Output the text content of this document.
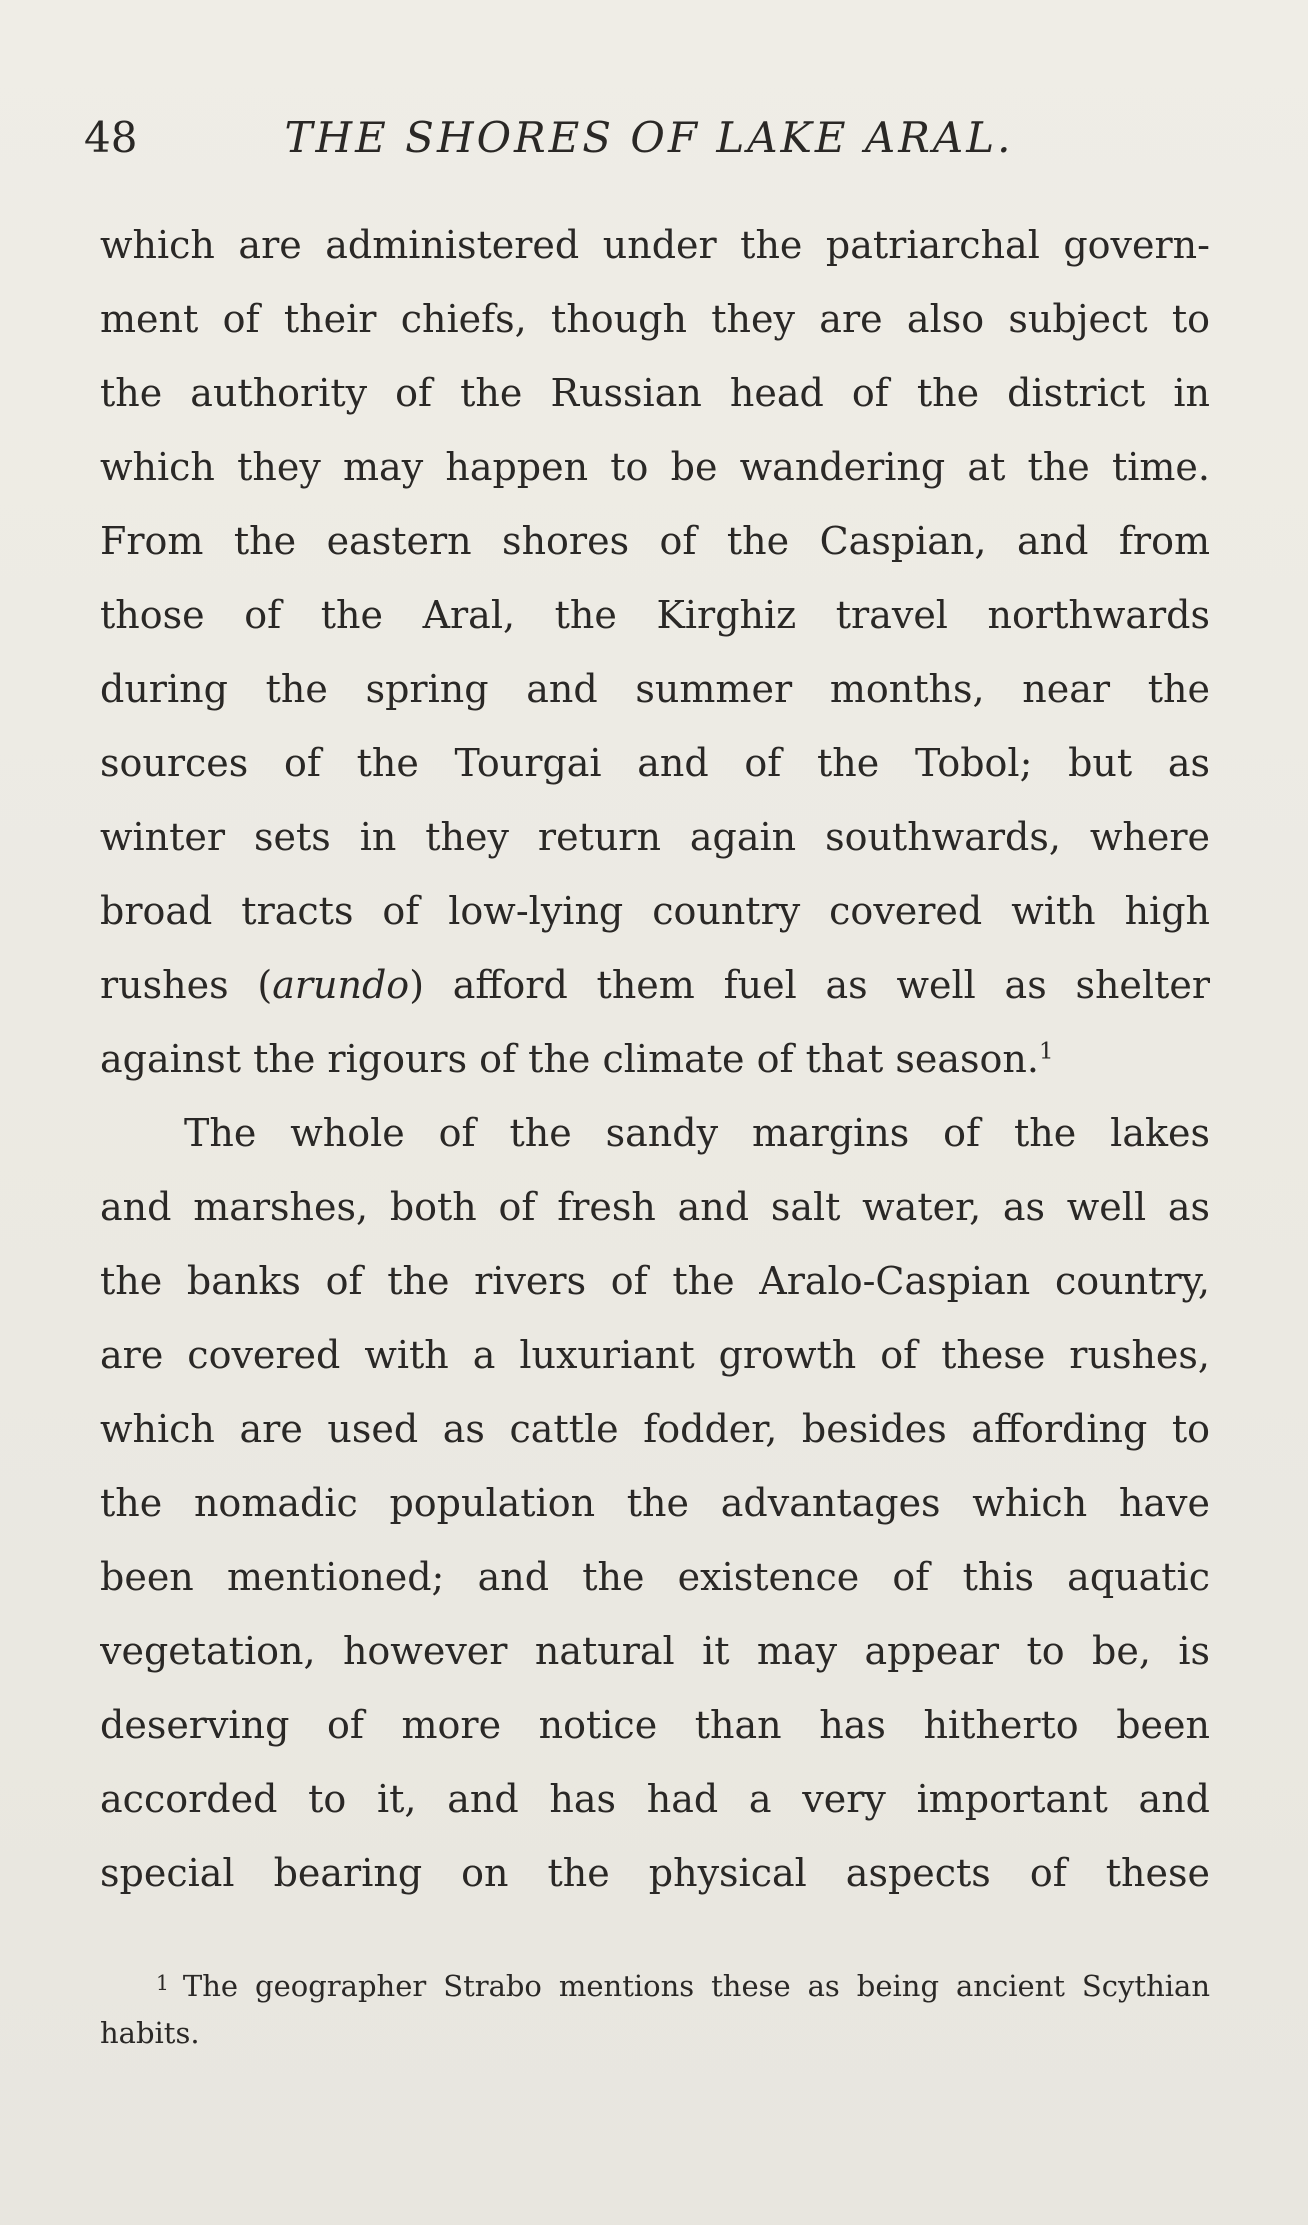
48	THE SHORES OF LAKE ARAL.
which are administered under the patriarchal govern-
ment of their chiefs, though they are also subject to
the authority of the Russian head of the district in
which they may happen to be wandering at the time.
From the eastern shores of the Caspian, and from
those of the Aral, the Kirghiz travel northwards
during the spring and summer months, near the
sources of the Tourgai and of the Tobol; but as
winter sets in they return again southwards, where
broad tracts of low-lying country covered with high
rushes (arundo) afford them fuel as well as shelter
against the rigours of the climate of that season.$^1$
The whole of the sandy margins of the lakes
and marshes, both of fresh and salt water, as well as
the banks of the rivers of the Aralo-Caspian country,
are covered with a luxuriant growth of these rushes,
which are used as cattle fodder, besides affording to
the nomadic population the advantages which have
been mentioned; and the existence of this aquatic
vegetation, however natural it may appear to be, is
deserving of more notice than has hitherto been
accorded to it, and has had a very important and
special bearing on the physical aspects of these
$^1$ The geographer Strabo mentions these as being ancient Scythian
habits.
